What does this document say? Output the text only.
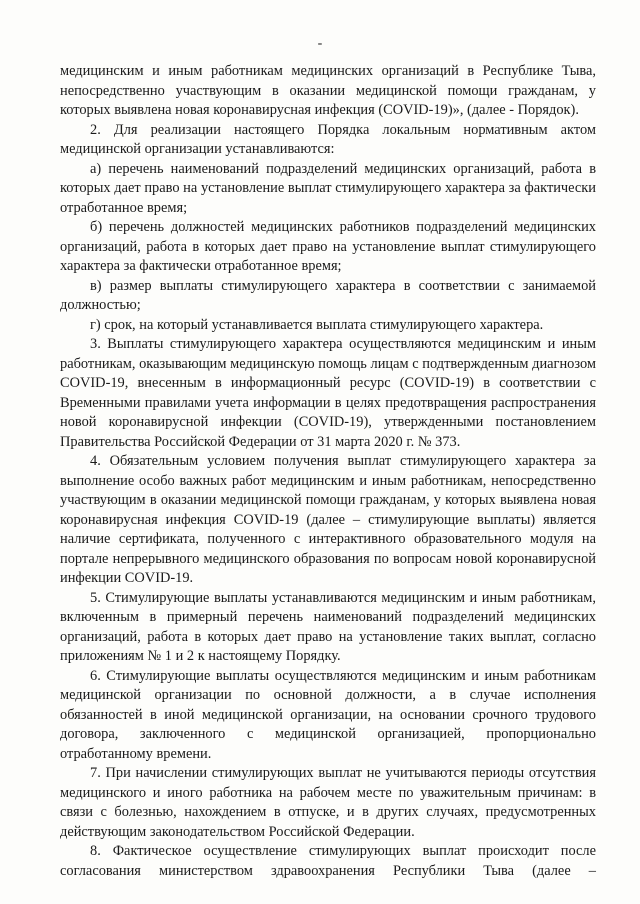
-

медицинским и иным работникам медицинских организаций в Республике Тыва, непосредственно участвующим в оказании медицинской помощи гражданам, у которых выявлена новая коронавирусная инфекция (COVID-19)», (далее - Порядок).

2. Для реализации настоящего Порядка локальным нормативным актом медицинской организации устанавливаются:

а) перечень наименований подразделений медицинских организаций, работа в которых дает право на установление выплат стимулирующего характера за фактически отработанное время;

б) перечень должностей медицинских работников подразделений медицинских организаций, работа в которых дает право на установление выплат стимулирующего характера за фактически отработанное время;

в) размер выплаты стимулирующего характера в соответствии с занимаемой должностью;

г) срок, на который устанавливается выплата стимулирующего характера.

3. Выплаты стимулирующего характера осуществляются медицинским и иным работникам, оказывающим медицинскую помощь лицам с подтвержденным диагнозом COVID-19, внесенным в информационный ресурс (COVID-19) в соответствии с Временными правилами учета информации в целях предотвращения распространения новой коронавирусной инфекции (COVID-19), утвержденными постановлением Правительства Российской Федерации от 31 марта 2020 г. № 373.

4. Обязательным условием получения выплат стимулирующего характера за выполнение особо важных работ медицинским и иным работникам, непосредственно участвующим в оказании медицинской помощи гражданам, у которых выявлена новая коронавирусная инфекция COVID-19 (далее – стимулирующие выплаты) является наличие сертификата, полученного с интерактивного образовательного модуля на портале непрерывного медицинского образования по вопросам новой коронавирусной инфекции COVID-19.

5. Стимулирующие выплаты устанавливаются медицинским и иным работникам, включенным в примерный перечень наименований подразделений медицинских организаций, работа в которых дает право на установление таких выплат, согласно приложениям № 1 и 2 к настоящему Порядку.

6. Стимулирующие выплаты осуществляются медицинским и иным работникам медицинской организации по основной должности, а в случае исполнения обязанностей в иной медицинской организации, на основании срочного трудового договора, заключенного с медицинской организацией, пропорционально отработанному времени.

7. При начислении стимулирующих выплат не учитываются периоды отсутствия медицинского и иного работника на рабочем месте по уважительным причинам: в связи с болезнью, нахождением в отпуске, и в других случаях, предусмотренных действующим законодательством Российской Федерации.

8. Фактическое осуществление стимулирующих выплат происходит после согласования министерством здравоохранения Республики Тыва (далее –
